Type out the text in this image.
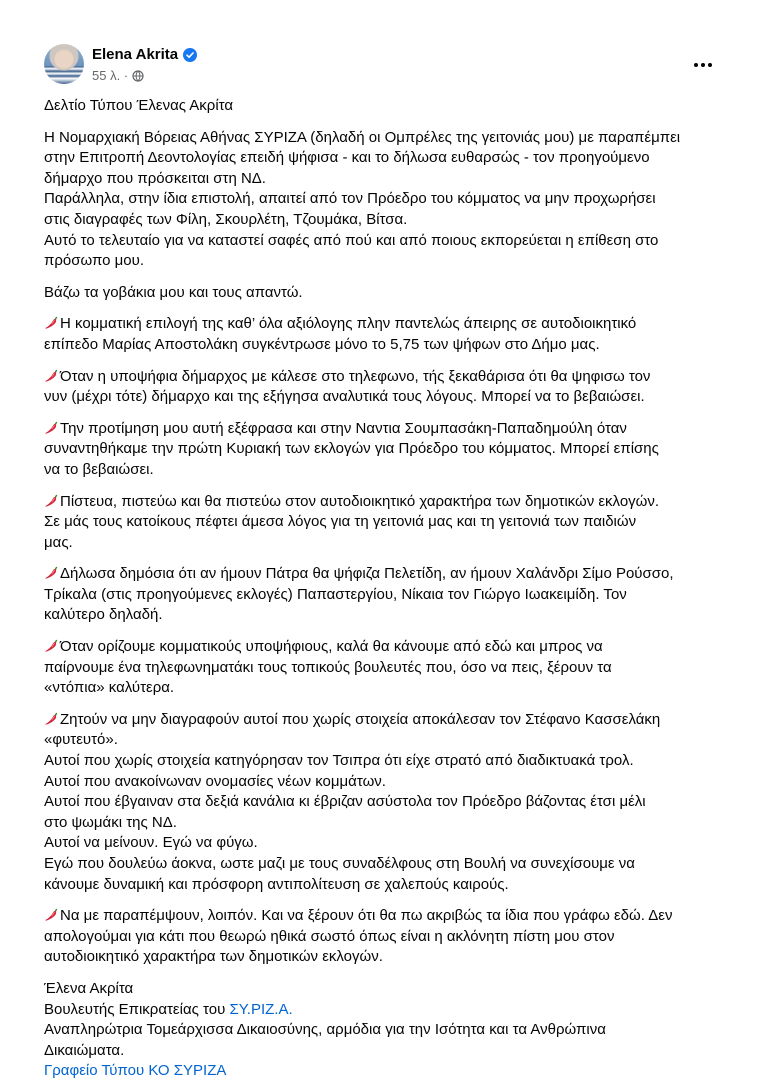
Elena Akrita
55 λ. ·
Δελτίο Τύπου Έλενας Ακρίτα
Η Νομαρχιακή Βόρειας Αθήνας ΣΥΡΙΖΑ (δηλαδή οι Ομπρέλες της γειτονιάς μου) με παραπέμπει
στην Επιτροπή Δεοντολογίας επειδή ψήφισα - και το δήλωσα ευθαρσώς - τον προηγούμενο
δήμαρχο που πρόσκειται στη ΝΔ.
Παράλληλα, στην ίδια επιστολή, απαιτεί από τον Πρόεδρο του κόμματος να μην προχωρήσει
στις διαγραφές των Φίλη, Σκουρλέτη, Τζουμάκα, Βίτσα.
Αυτό το τελευταίο για να καταστεί σαφές από πού και από ποιους εκπορεύεται η επίθεση στο
πρόσωπο μου.
Βάζω τα γοβάκια μου και τους απαντώ.
Η κομματική επιλογή της καθ’ όλα αξιόλογης πλην παντελώς άπειρης σε αυτοδιοικητικό
επίπεδο Μαρίας Αποστολάκη συγκέντρωσε μόνο το 5,75 των ψήφων στο Δήμο μας.
Όταν η υποψήφια δήμαρχος με κάλεσε στο τηλεφωνο, τής ξεκαθάρισα ότι θα ψηφισω τον
νυν (μέχρι τότε) δήμαρχο και της εξήγησα αναλυτικά τους λόγους. Μπορεί να το βεβαιώσει.
Την προτίμηση μου αυτή εξέφρασα και στην Ναντια Σουμπασάκη-Παπαδημούλη όταν
συναντηθήκαμε την πρώτη Κυριακή των εκλογών για Πρόεδρο του κόμματος. Μπορεί επίσης
να το βεβαιώσει.
Πίστευα, πιστεύω και θα πιστεύω στον αυτοδιοικητικό χαρακτήρα των δημοτικών εκλογών.
Σε μάς τους κατοίκους πέφτει άμεσα λόγος για τη γειτονιά μας και τη γειτονιά των παιδιών
μας.
Δήλωσα δημόσια ότι αν ήμουν Πάτρα θα ψήφιζα Πελετίδη, αν ήμουν Χαλάνδρι Σίμο Ρούσσο,
Τρίκαλα (στις προηγούμενες εκλογές) Παπαστεργίου, Νίκαια τον Γιώργο Ιωακειμίδη. Τον
καλύτερο δηλαδή.
Όταν ορίζουμε κομματικούς υποψήφιους, καλά θα κάνουμε από εδώ και μπρος να
παίρνουμε ένα τηλεφωνηματάκι τους τοπικούς βουλευτές που, όσο να πεις, ξέρουν τα
«ντόπια» καλύτερα.
Ζητούν να μην διαγραφούν αυτοί που χωρίς στοιχεία αποκάλεσαν τον Στέφανο Κασσελάκη
«φυτευτό».
Αυτοί που χωρίς στοιχεία κατηγόρησαν τον Τσιπρα ότι είχε στρατό από διαδικτυακά τρολ.
Αυτοί που ανακοίνωναν ονομασίες νέων κομμάτων.
Αυτοί που έβγαιναν στα δεξιά κανάλια κι έβριζαν ασύστολα τον Πρόεδρο βάζοντας έτσι μέλι
στο ψωμάκι της ΝΔ.
Αυτοί να μείνουν. Εγώ να φύγω.
Εγώ που δουλεύω άοκνα, ωστε μαζι με τους συναδέλφους στη Βουλή να συνεχίσουμε να
κάνουμε δυναμική και πρόσφορη αντιπολίτευση σε χαλεπούς καιρούς.
Να με παραπέμψουν, λοιπόν. Και να ξέρουν ότι θα πω ακριβώς τα ίδια που γράφω εδώ. Δεν
απολογούμαι για κάτι που θεωρώ ηθικά σωστό όπως είναι η ακλόνητη πίστη μου στον
αυτοδιοικητικό χαρακτήρα των δημοτικών εκλογών.
Έλενα Ακρίτα
Βουλευτής Επικρατείας του ΣΥ.ΡΙΖ.Α.
Αναπληρώτρια Τομεάρχισσα Δικαιοσύνης, αρμόδια για την Ισότητα και τα Ανθρώπινα
Δικαιώματα.
Γραφείο Τύπου ΚΟ ΣΥΡΙΖΑ
